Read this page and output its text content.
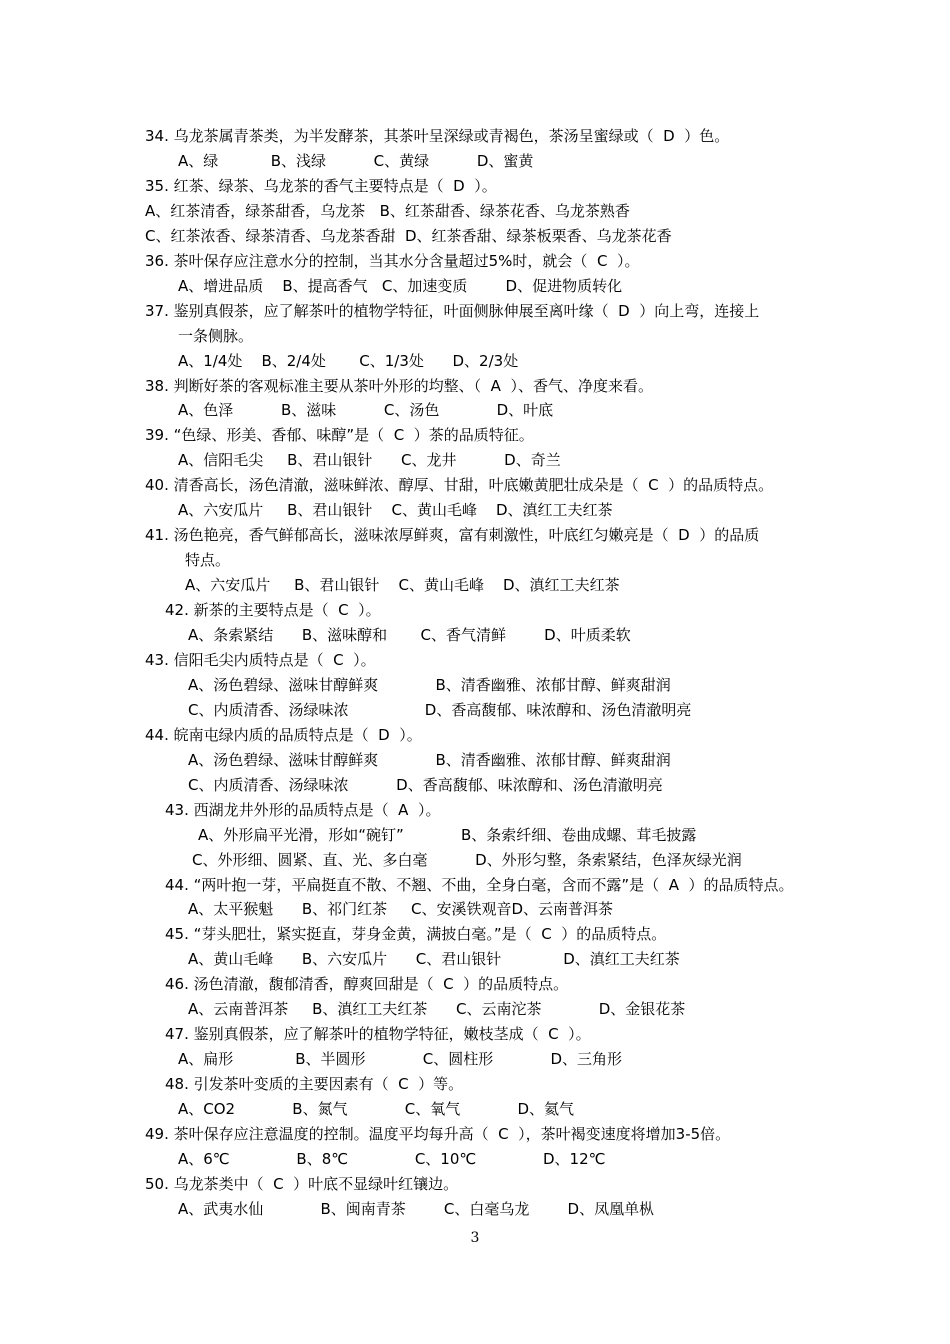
34. 乌龙茶属青茶类，为半发酵茶，其茶叶呈深绿或青褐色，茶汤呈蜜绿或（  D  ）色。
A、绿           B、浅绿          C、黄绿          D、蜜黄
35. 红茶、绿茶、乌龙茶的香气主要特点是（  D  ）。
A、红茶清香，绿茶甜香，乌龙茶   B、红茶甜香、绿茶花香、乌龙茶熟香
C、红茶浓香、绿茶清香、乌龙茶香甜  D、红茶香甜、绿茶板栗香、乌龙茶花香
36. 茶叶保存应注意水分的控制，当其水分含量超过5%时，就会（  C  ）。
A、增进品质    B、提高香气   C、加速变质        D、促进物质转化
37. 鉴别真假茶，应了解茶叶的植物学特征，叶面侧脉伸展至离叶缘（  D  ）向上弯，连接上
一条侧脉。
A、1/4处    B、2/4处       C、1/3处      D、2/3处
38. 判断好茶的客观标准主要从茶叶外形的均整、（  A  ）、香气、净度来看。
A、色泽          B、滋味          C、汤色            D、叶底
39. “色绿、形美、香郁、味醇”是（  C  ）茶的品质特征。
A、信阳毛尖     B、君山银针      C、龙井          D、奇兰
40. 清香高长，汤色清澈，滋味鲜浓、醇厚、甘甜，叶底嫩黄肥壮成朵是（  C  ）的品质特点。
A、六安瓜片     B、君山银针    C、黄山毛峰    D、滇红工夫红茶
41. 汤色艳亮，香气鲜郁高长，滋味浓厚鲜爽，富有刺激性，叶底红匀嫩亮是（  D  ）的品质
特点。
A、六安瓜片     B、君山银针    C、黄山毛峰    D、滇红工夫红茶
42. 新茶的主要特点是（  C  ）。
A、条索紧结      B、滋味醇和       C、香气清鲜        D、叶质柔软
43. 信阳毛尖内质特点是（  C  ）。
A、汤色碧绿、滋味甘醇鲜爽            B、清香幽雅、浓郁甘醇、鲜爽甜润
C、内质清香、汤绿味浓                D、香高馥郁、味浓醇和、汤色清澈明亮
44. 皖南屯绿内质的品质特点是（  D  ）。
A、汤色碧绿、滋味甘醇鲜爽            B、清香幽雅、浓郁甘醇、鲜爽甜润
C、内质清香、汤绿味浓          D、香高馥郁、味浓醇和、汤色清澈明亮
43. 西湖龙井外形的品质特点是（  A  ）。
A、外形扁平光滑，形如“碗钉”            B、条索纤细、卷曲成螺、茸毛披露
C、外形细、圆紧、直、光、多白毫          D、外形匀整，条索紧结，色泽灰绿光润
44. “两叶抱一芽，平扁挺直不散、不翘、不曲，全身白毫，含而不露”是（  A  ）的品质特点。
A、太平猴魁      B、祁门红茶     C、安溪铁观音D、云南普洱茶
45. “芽头肥壮，紧实挺直，芽身金黄，满披白毫。”是（  C  ）的品质特点。
A、黄山毛峰      B、六安瓜片      C、君山银针             D、滇红工夫红茶
46. 汤色清澈，馥郁清香，醇爽回甜是（  C  ）的品质特点。
A、云南普洱茶     B、滇红工夫红茶      C、云南沱茶            D、金银花茶
47. 鉴别真假茶，应了解茶叶的植物学特征，嫩枝茎成（  C  ）。
A、扁形             B、半圆形            C、圆柱形            D、三角形
48. 引发茶叶变质的主要因素有（  C  ）等。
A、CO2            B、氮气            C、氧气            D、氦气
49. 茶叶保存应注意温度的控制。温度平均每升高（  C  ），茶叶褐变速度将增加3-5倍。
A、6℃              B、8℃              C、10℃              D、12℃
50. 乌龙茶类中（  C  ）叶底不显绿叶红镶边。
A、武夷水仙            B、闽南青茶        C、白毫乌龙        D、凤凰单枞
3
